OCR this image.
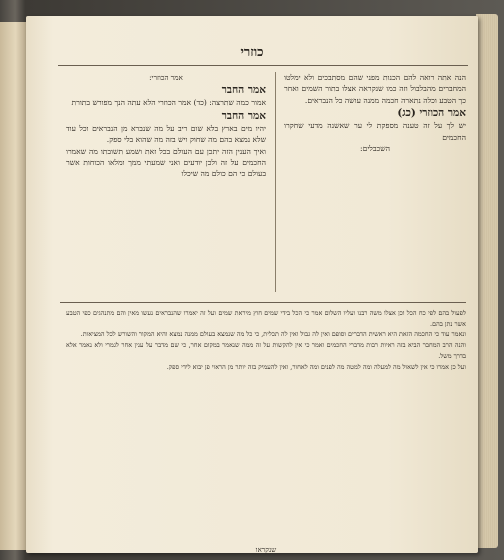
כוזרי

הנה אתה רואה להם הכנות מפני שהם מסתבכים ולא ימלטו המחברים מהבלבול וזה כמו שנקראה אצלו בתור השמים ואחר כך הטבע וכלה נתארה חכמה ממנה עושה כל הנבראים.

אמר הכוזרי (כג)

יש לך על זה טענה מספקת לי ער שאשנה מדעי שחקרו החכמים

השכבלים:

אמר הכוזרי:

אמר החבר

אמור כמה שתרצה: (כד) אמר הכוזרי הלא עתה הנך מפורש בתורת

אמר החבר

יהיו מים בארץ בלא שום ריב על מה שנברא מן הנבראים וכל עוד שלא נמצא בהם מה שחוק ויש בזה מה שהוא בלי ספק.

ואיך הענין הזה יתכן עם העולם בכל זאת ושמע תשובתו מה שאמרו החכמים על זה ולכן יודעים ואני שמעתי ממך ומלאו הכוחות אשר בעולם כי הם כולם מה שיכלו

לפעול בהם לפי כח הכל וכן אצלו משה רבנו ועליו השלום אמר כי הכל בידי שמים חוץ מיראת שמים ועל זה יאמרו שהנבראים נעשו מאין והם מתנהגים כפי הטבע אשר נתן בהם.

ונאמר עוד כי החכמה הזאת היא ראשית הדברים וסופם ואין לה גבול ואין לה תכלית, כי כל מה שנמצא בעולם ממנה נמצא והיא המקור והשורש לכל המציאות.

והנה הרב המחבר הביא בזה ראיות רבות מדברי החכמים ואמר כי אין להקשות על זה ממה שנאמר במקום אחר, כי שם מדבר על ענין אחר לגמרי ולא נאמר אלא בדרך משל.

ועל כן אמרו כי אין לשאול מה למעלה ומה למטה מה לפנים ומה לאחור, ואין להעמיק בזה יותר מן הראוי פן יבוא לידי ספק.

שנקראו
